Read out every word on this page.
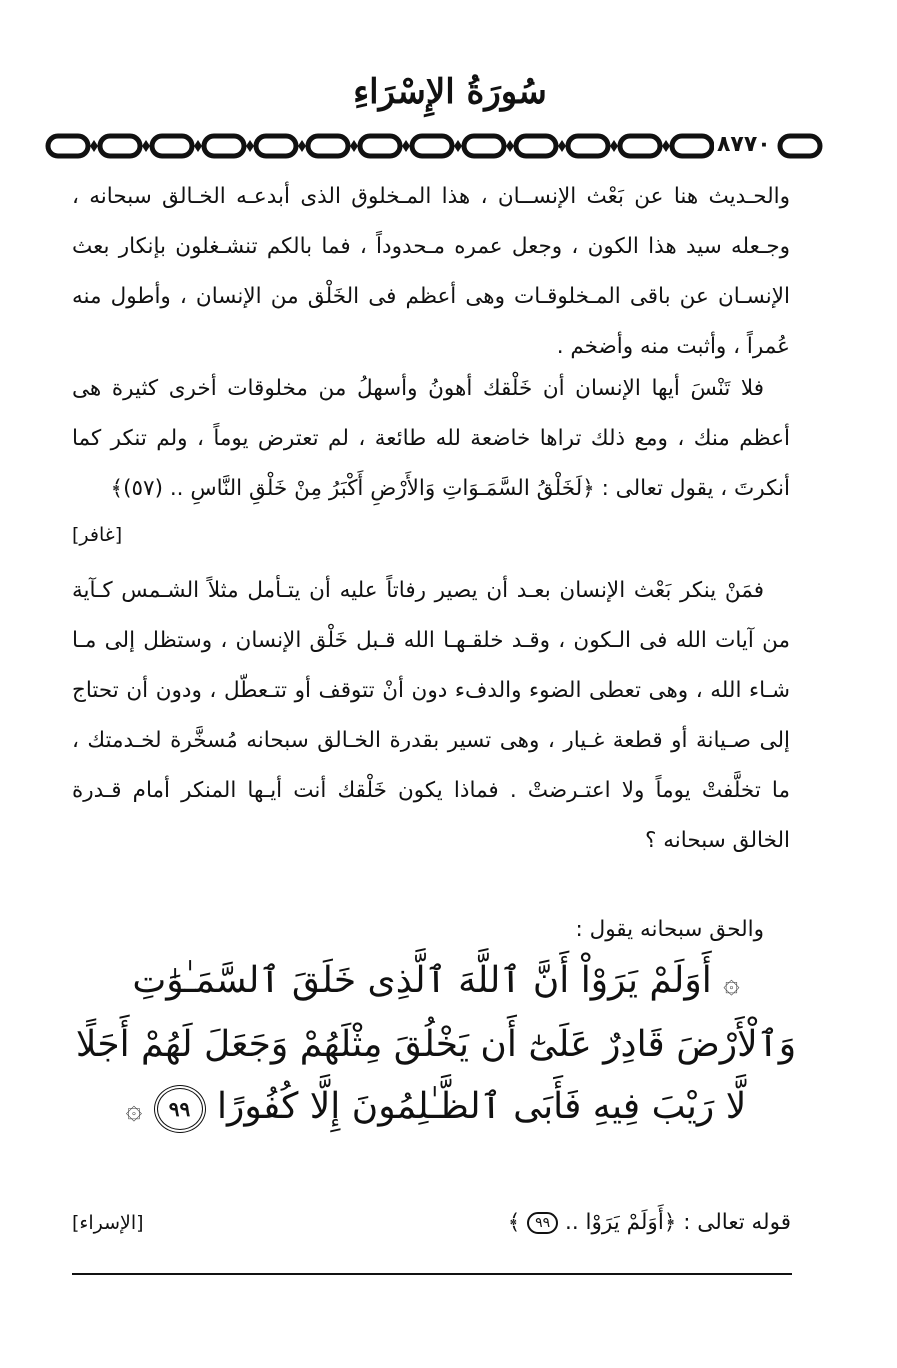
سُورَةُ الإِسْرَاءِ
٨٧٧٠

والحـديث هنا عن بَعْث الإنســان ، هذا المـخلوق الذى أبدعـه الخـالق سبحانه ، وجـعله سيد هذا الكون ، وجعل عمره مـحدوداً ، فما بالكم تنشـغلون بإنكار بعث الإنسـان عن باقى المـخلوقـات وهى أعظم فى الخَلْق من الإنسان ، وأطول منه عُمراً ، وأثبت منه وأضخم .

فلا تَنْسَ أيها الإنسان أن خَلْقك أهونُ وأسهلُ من مخلوقات أخرى كثيرة هى أعظم منك ، ومع ذلك تراها خاضعة لله طائعة ، لم تعترض يوماً ، ولم تنكر كما أنكرتَ ، يقول تعالى : ﴿لَخَلْقُ السَّمَـوَاتِ وَالأَرْضِ أَكْبَرُ مِنْ خَلْقِ النَّاسِ .. (٥٧)﴾

[غافر]

فمَنْ ينكر بَعْث الإنسان بعـد أن يصير رفاتاً عليه أن يتـأمل مثلاً الشـمس كـآية من آيات الله فى الـكون ، وقـد خلقـهـا الله قـبل خَلْق الإنسان ، وستظل إلى مـا شـاء الله ، وهى تعطى الضوء والدفء دون أنْ تتوقف أو تتـعطّل ، ودون أن تحتاج إلى صـيانة أو قطعة غـيار ، وهى تسير بقدرة الخـالق سبحانه مُسخَّرة لخـدمتك ، ما تخلَّفتْ يوماً ولا اعتـرضتْ . فماذا يكون خَلْقك أنت أيـها المنكر أمام قـدرة الخالق سبحانه ؟

والحق سبحانه يقول :

۞ أَوَلَمْ يَرَوْاْ أَنَّ ٱللَّهَ ٱلَّذِى خَلَقَ ٱلسَّمَـٰوَٰتِ وَٱلْأَرْضَ قَادِرٌ عَلَىٰٓ أَن يَخْلُقَ مِثْلَهُمْ وَجَعَلَ لَهُمْ أَجَلًا لَّا رَيْبَ فِيهِ فَأَبَى ٱلظَّـٰلِمُونَ إِلَّا كُفُورًا ٩٩ ۞

قوله تعالى : ﴿أَوَلَمْ يَرَوْا .. ٩٩ ﴾
[الإسراء]
